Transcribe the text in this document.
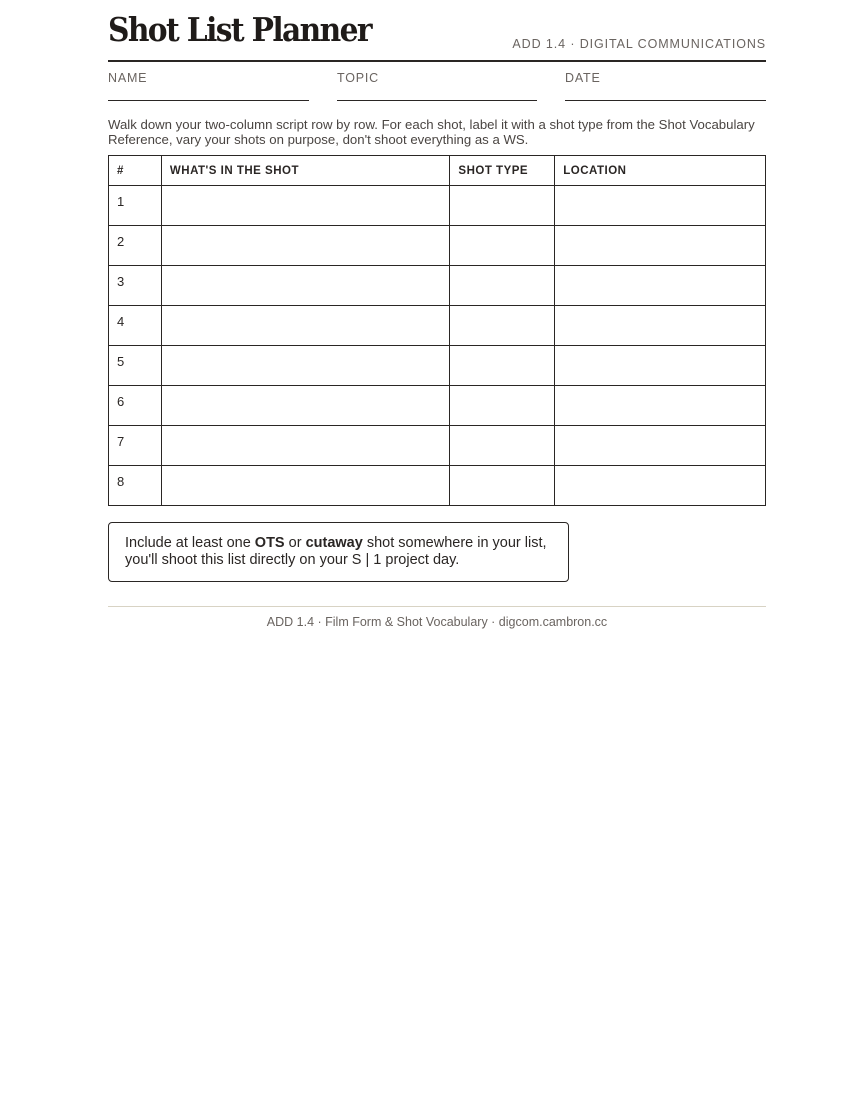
Shot List Planner	ADD 1.4 · DIGITAL COMMUNICATIONS
NAME	TOPIC	DATE

Walk down your two-column script row by row. For each shot, label it with a shot type from the Shot Vocabulary Reference, vary your shots on purpose, don't shoot everything as a WS.

#	WHAT'S IN THE SHOT	SHOT TYPE	LOCATION
1			
2			
3			
4			
5			
6			
7			
8			
Include at least one OTS or cutaway shot somewhere in your list, you'll shoot this list directly on your S | 1 project day.
ADD 1.4 · Film Form & Shot Vocabulary · digcom.cambron.cc
